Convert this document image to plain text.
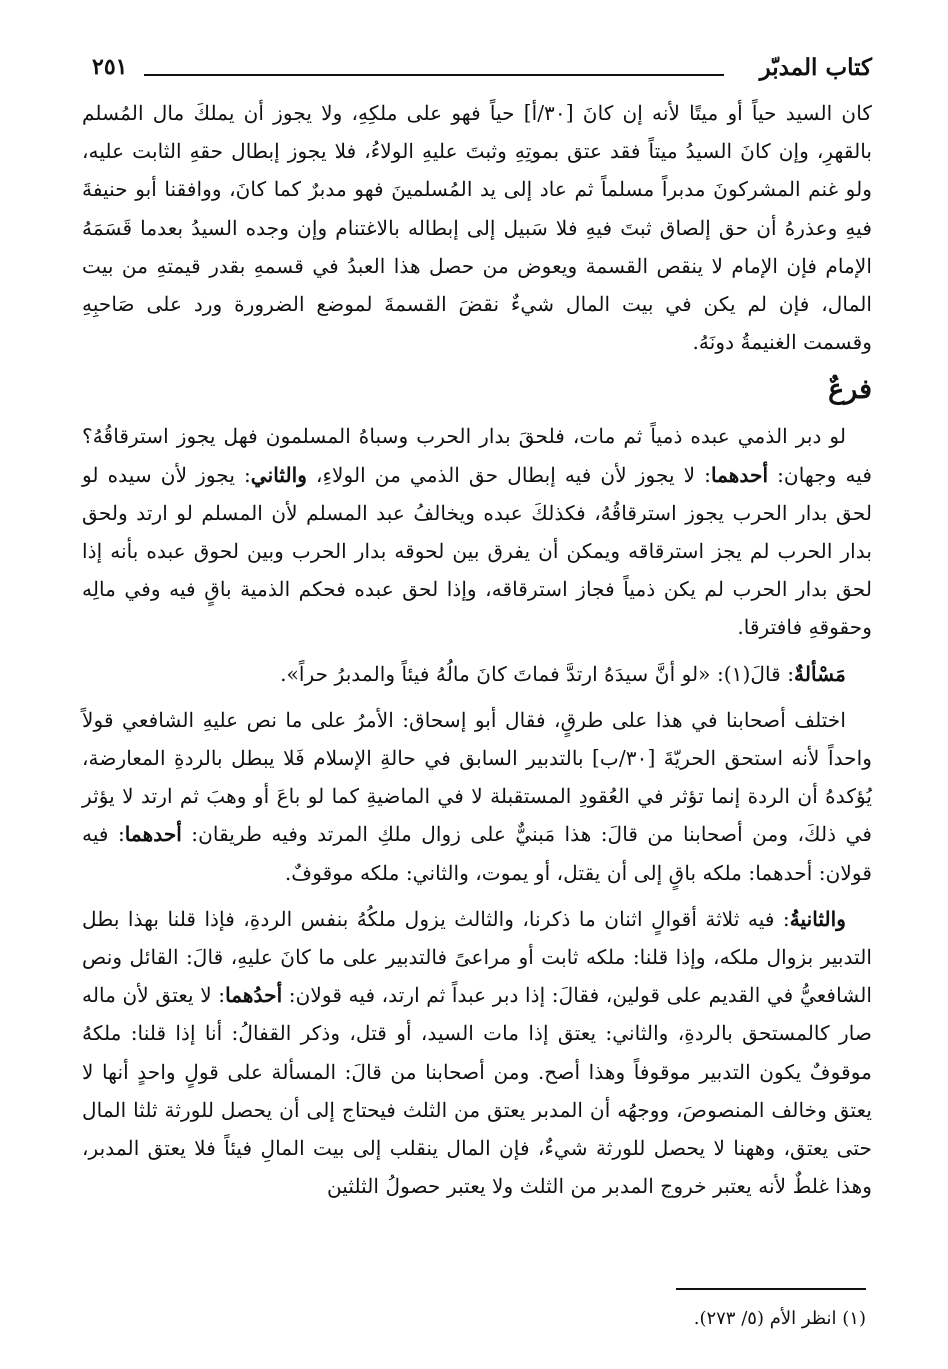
كتاب المدبّر
٢٥١

كان السيد حياً أو ميتًا لأنه إن كانَ [٣٠/أ] حياً فهو على ملكِهِ، ولا يجوز أن يملكَ مال المُسلم بالقهرِ، وإن كانَ السيدُ ميتاً فقد عتق بموتِهِ وثبتَ عليهِ الولاءُ، فلا يجوز إبطال حقهِ الثابت عليه، ولو غنم المشركونَ مدبراً مسلماً ثم عاد إلى يد المُسلمينَ فهو مدبرٌ كما كانَ، ووافقنا أبو حنيفةَ فيهِ وعذرهُ أن حق إلصاق ثبتَ فيهِ فلا سَبيل إلى إبطاله بالاغتنام وإن وجده السيدُ بعدما قَسَمَهُ الإمام فإن الإمام لا ينقص القسمة ويعوض من حصل هذا العبدُ في قسمهِ بقدر قيمتهِ من بيت المال، فإن لم يكن في بيت المال شيءٌ نقضَ القسمةَ لموضع الضرورة ورد على صَاحبِهِ وقسمت الغنيمةُ دونَهُ.

فرعٌ

لو دبر الذمي عبده ذمياً ثم مات، فلحقَ بدار الحرب وسباهُ المسلمون فهل يجوز استرقاقُهُ؟ فيه وجهان: أحدهما: لا يجوز لأن فيه إبطال حق الذمي من الولاءِ، والثاني: يجوز لأن سيده لو لحق بدار الحرب يجوز استرقاقُهُ، فكذلكَ عبده ويخالفُ عبد المسلم لأن المسلم لو ارتد ولحق بدار الحرب لم يجز استرقاقه ويمكن أن يفرق بين لحوقه بدار الحرب وبين لحوق عبده بأنه إذا لحق بدار الحرب لم يكن ذمياً فجاز استرقاقه، وإذا لحق عبده فحكم الذمية باقٍ فيه وفي مالِه وحقوقهِ فافترقا.

مَسْألةٌ: قالَ(١): «لو أنَّ سيدَهُ ارتدَّ فماتَ كانَ مالُهُ فيئاً والمدبرُ حراً».

اختلف أصحابنا في هذا على طرقٍ، فقال أبو إسحاق: الأمرُ على ما نص عليهِ الشافعي قولاً واحداً لأنه استحق الحريّةَ [٣٠/ب] بالتدبير السابق في حالةِ الإسلام فَلا يبطل بالردةِ المعارضة، يُؤكدهُ أن الردة إنما تؤثر في العُقودِ المستقبلة لا في الماضيةِ كما لو باعَ أو وهبَ ثم ارتد لا يؤثر في ذلكَ، ومن أصحابنا من قالَ: هذا مَبنيٌّ على زوال ملكِ المرتد وفيه طريقان: أحدهما: فيه قولان: أحدهما: ملكه باقٍ إلى أن يقتل، أو يموت، والثاني: ملكه موقوفٌ.

والثانيةُ: فيه ثلاثة أقوالٍ اثنان ما ذكرنا، والثالث يزول ملكُهُ بنفس الردةِ، فإذا قلنا بهذا بطل التدبير بزوال ملكه، وإذا قلنا: ملكه ثابت أو مراعىً فالتدبير على ما كانَ عليهِ، قالَ: القائل ونص الشافعيُّ في القديم على قولين، فقالَ: إذا دبر عبداً ثم ارتد، فيه قولان: أحدُهما: لا يعتق لأن ماله صار كالمستحق بالردةِ، والثاني: يعتق إذا مات السيد، أو قتل، وذكر القفالُ: أنا إذا قلنا: ملكهُ موقوفٌ يكون التدبير موقوفاً وهذا أصح. ومن أصحابنا من قالَ: المسألة على قولٍ واحدٍ أنها لا يعتق وخالف المنصوصَ، ووجهُه أن المدبر يعتق من الثلث فيحتاج إلى أن يحصل للورثة ثلثا المال حتى يعتق، وههنا لا يحصل للورثة شيءٌ، فإن المال ينقلب إلى بيت المالِ فيئاً فلا يعتق المدبر، وهذا غلطٌ لأنه يعتبر خروج المدبر من الثلث ولا يعتبر حصولُ الثلثين

(١) انظر الأم (٥/ ٢٧٣).
